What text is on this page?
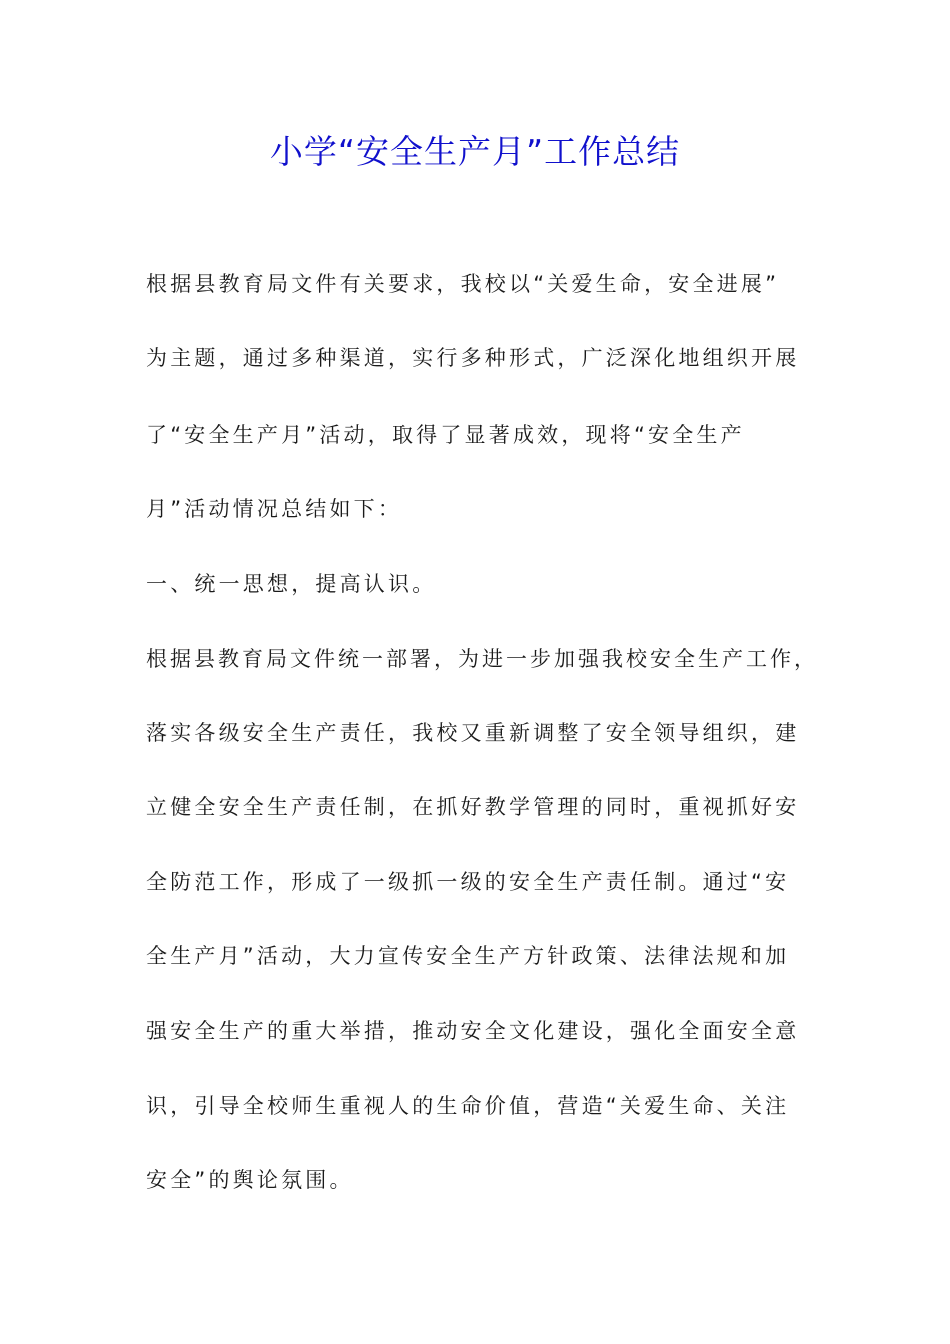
小学“安全生产月”工作总结
根据县教育局文件有关要求，我校以“关爱生命，安全进展”
为主题，通过多种渠道，实行多种形式，广泛深化地组织开展
了“安全生产月”活动，取得了显著成效，现将“安全生产
月”活动情况总结如下：
一、统一思想，提高认识。
根据县教育局文件统一部署，为进一步加强我校安全生产工作，
落实各级安全生产责任，我校又重新调整了安全领导组织，建
立健全安全生产责任制，在抓好教学管理的同时，重视抓好安
全防范工作，形成了一级抓一级的安全生产责任制。通过“安
全生产月”活动，大力宣传安全生产方针政策、法律法规和加
强安全生产的重大举措，推动安全文化建设，强化全面安全意
识，引导全校师生重视人的生命价值，营造“关爱生命、关注
安全”的舆论氛围。
